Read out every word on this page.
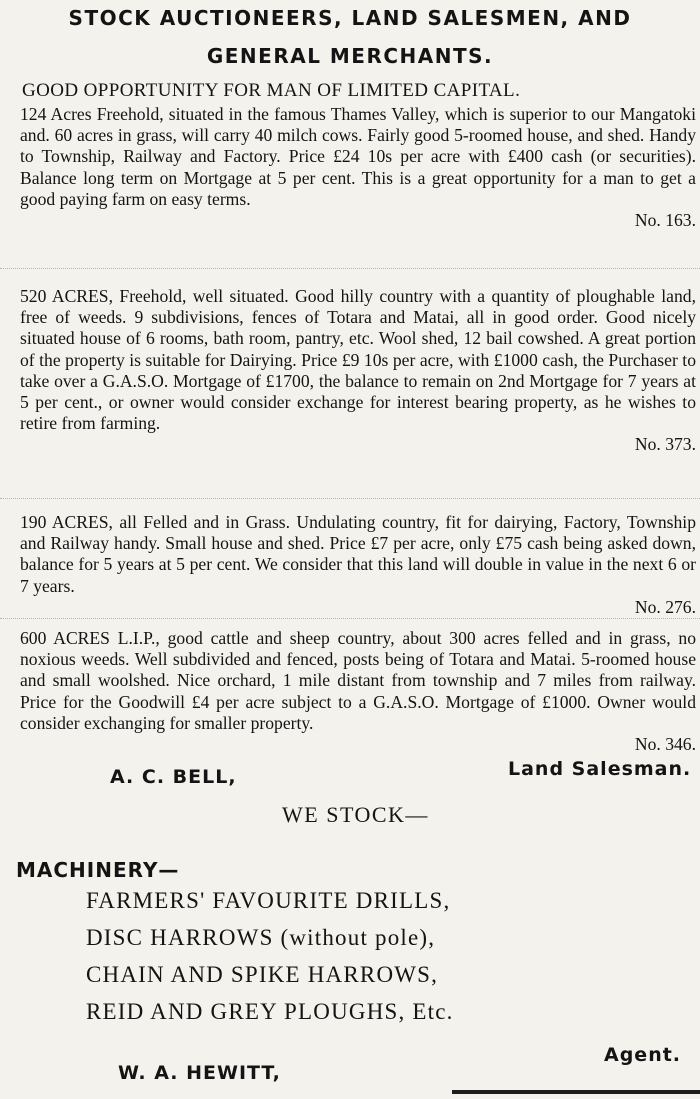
STOCK AUCTIONEERS, LAND SALESMEN, AND
GENERAL MERCHANTS.
GOOD OPPORTUNITY FOR MAN OF LIMITED CAPITAL.
124 Acres Freehold, situated in the famous Thames Valley, which is superior to our Mangatoki and. 60 acres in grass, will carry 40 milch cows. Fairly good 5-roomed house, and shed. Handy to Township, Railway and Factory. Price £24 10s per acre with £400 cash (or securities). Balance long term on Mortgage at 5 per cent. This is a great opportunity for a man to get a good paying farm on easy terms.
No. 163.
520 ACRES, Freehold, well situated. Good hilly country with a quantity of ploughable land, free of weeds. 9 subdivisions, fences of Totara and Matai, all in good order. Good nicely situated house of 6 rooms, bath room, pantry, etc. Wool shed, 12 bail cowshed. A great portion of the property is suitable for Dairying. Price £9 10s per acre, with £1000 cash, the Purchaser to take over a G.A.S.O. Mortgage of £1700, the balance to remain on 2nd Mortgage for 7 years at 5 per cent., or owner would consider exchange for interest bearing property, as he wishes to retire from farming.
No. 373.
190 ACRES, all Felled and in Grass. Undulating country, fit for dairying, Factory, Township and Railway handy. Small house and shed. Price £7 per acre, only £75 cash being asked down, balance for 5 years at 5 per cent. We consider that this land will double in value in the next 6 or 7 years.
No. 276.
600 ACRES L.I.P., good cattle and sheep country, about 300 acres felled and in grass, no noxious weeds. Well subdivided and fenced, posts being of Totara and Matai. 5-roomed house and small woolshed. Nice orchard, 1 mile distant from township and 7 miles from railway. Price for the Goodwill £4 per acre subject to a G.A.S.O. Mortgage of £1000. Owner would consider exchanging for smaller property.
No. 346.
A. C. BELL,	Land Salesman.
WE STOCK—
MACHINERY—
FARMERS' FAVOURITE DRILLS,
DISC HARROWS (without pole),
CHAIN AND SPIKE HARROWS,
REID AND GREY PLOUGHS, Etc.
W. A. HEWITT,
Agent.
